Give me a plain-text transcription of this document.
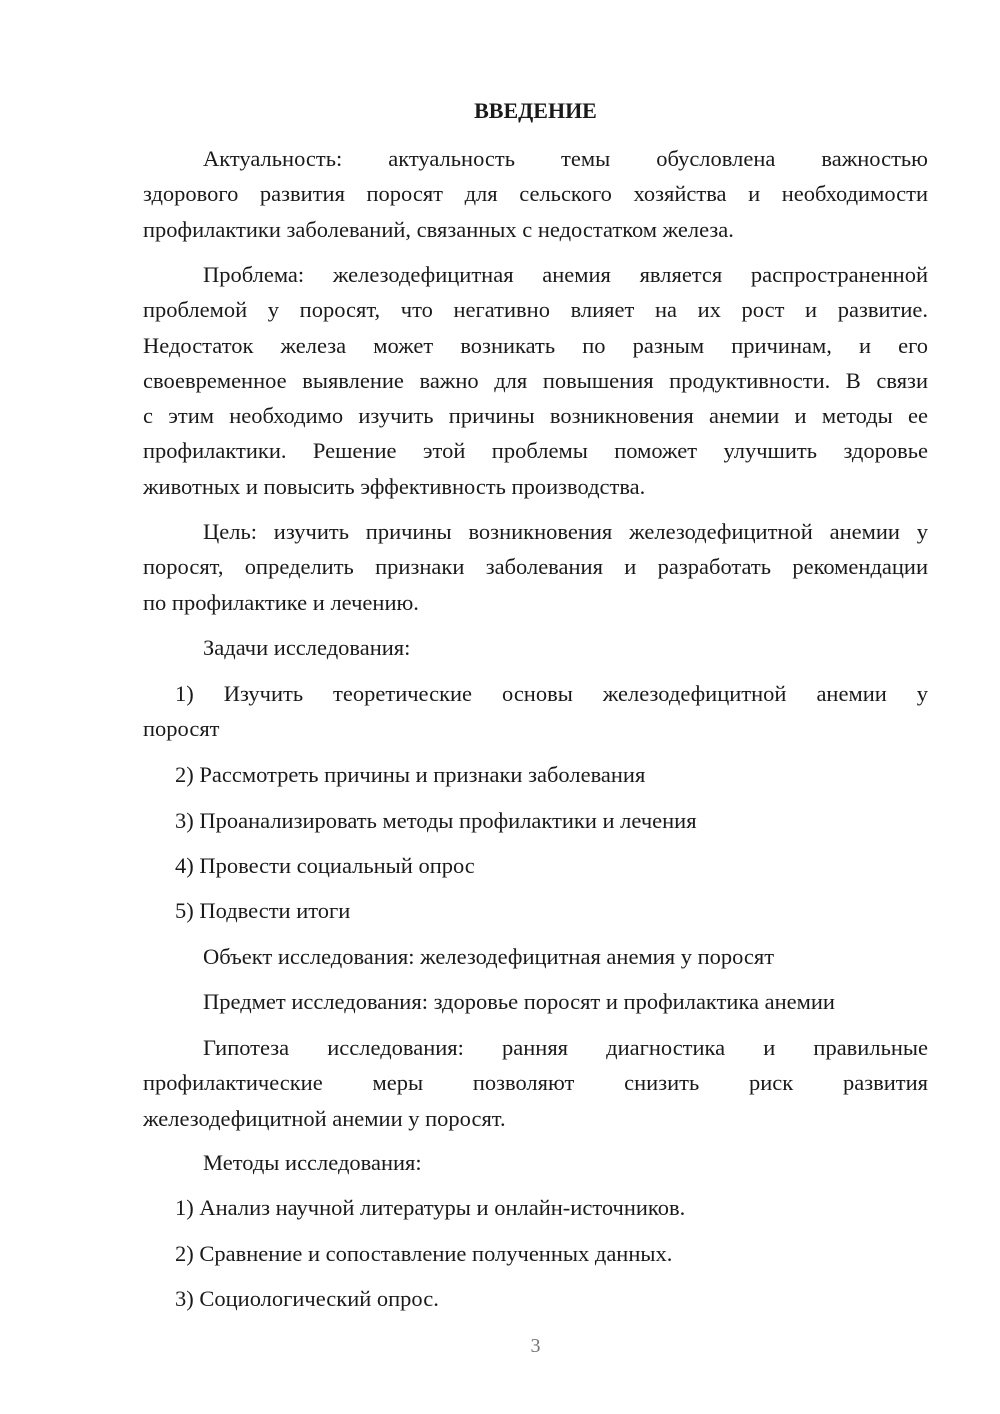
ВВЕДЕНИЕ

Актуальность: актуальность темы обусловлена важностью
здорового развития поросят для сельского хозяйства и необходимости
профилактики заболеваний, связанных с недостатком железа.

Проблема: железодефицитная анемия является распространенной
проблемой у поросят, что негативно влияет на их рост и развитие.
Недостаток железа может возникать по разным причинам, и его
своевременное выявление важно для повышения продуктивности. В связи
с этим необходимо изучить причины возникновения анемии и методы ее
профилактики. Решение этой проблемы поможет улучшить здоровье
животных и повысить эффективность производства.

Цель: изучить причины возникновения железодефицитной анемии у
поросят, определить признаки заболевания и разработать рекомендации
по профилактике и лечению.

Задачи исследования:

1) Изучить теоретические основы железодефицитной анемии у
поросят

2) Рассмотреть причины и признаки заболевания

3) Проанализировать методы профилактики и лечения

4) Провести социальный опрос

5) Подвести итоги

Объект исследования: железодефицитная анемия у поросят

Предмет исследования: здоровье поросят и профилактика анемии

Гипотеза исследования: ранняя диагностика и правильные
профилактические меры позволяют снизить риск развития
железодефицитной анемии у поросят.

Методы исследования:

1) Анализ научной литературы и онлайн-источников.

2) Сравнение и сопоставление полученных данных.

3) Социологический опрос.

3
